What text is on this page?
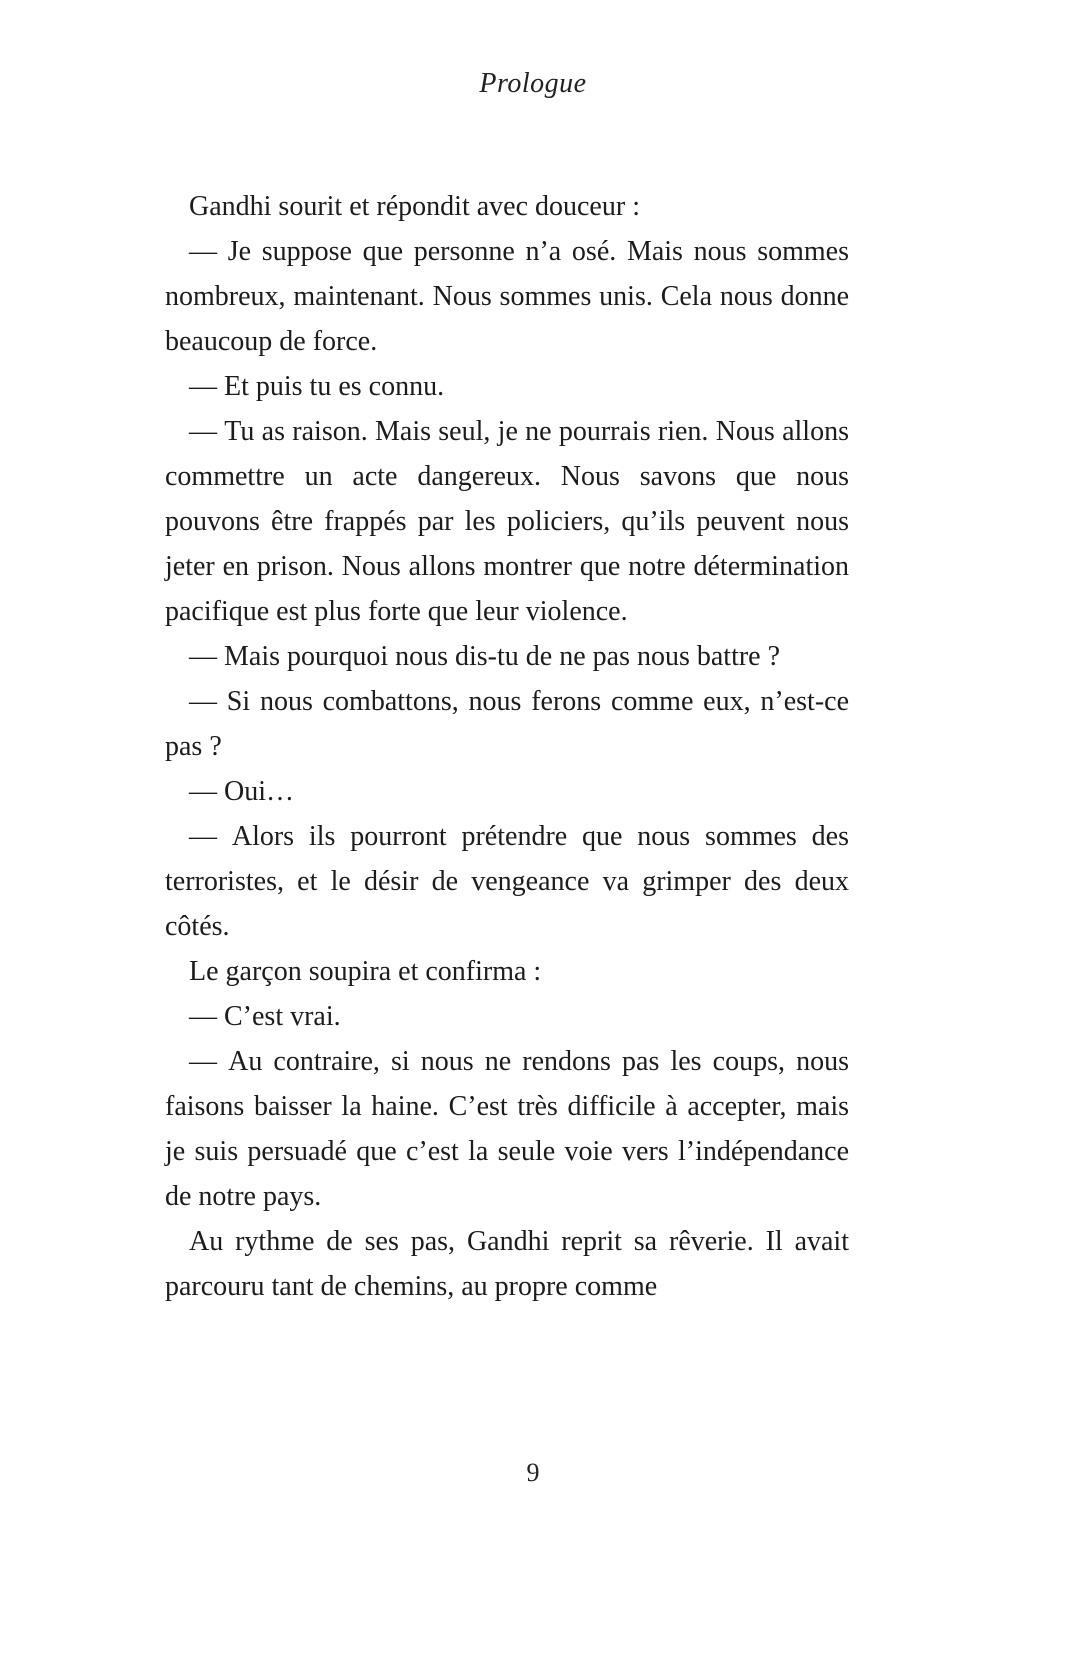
Prologue

Gandhi sourit et répondit avec douceur :

— Je suppose que personne n’a osé. Mais nous sommes nombreux, maintenant. Nous sommes unis. Cela nous donne beaucoup de force.

— Et puis tu es connu.

— Tu as raison. Mais seul, je ne pourrais rien. Nous allons commettre un acte dangereux. Nous savons que nous pouvons être frappés par les policiers, qu’ils peuvent nous jeter en prison. Nous allons montrer que notre détermination pacifique est plus forte que leur violence.

— Mais pourquoi nous dis-tu de ne pas nous battre ?

— Si nous combattons, nous ferons comme eux, n’est-ce pas ?

— Oui…

— Alors ils pourront prétendre que nous sommes des terroristes, et le désir de vengeance va grimper des deux côtés.

Le garçon soupira et confirma :

— C’est vrai.

— Au contraire, si nous ne rendons pas les coups, nous faisons baisser la haine. C’est très difficile à accepter, mais je suis persuadé que c’est la seule voie vers l’indépendance de notre pays.

Au rythme de ses pas, Gandhi reprit sa rêverie. Il avait parcouru tant de chemins, au propre comme

9
